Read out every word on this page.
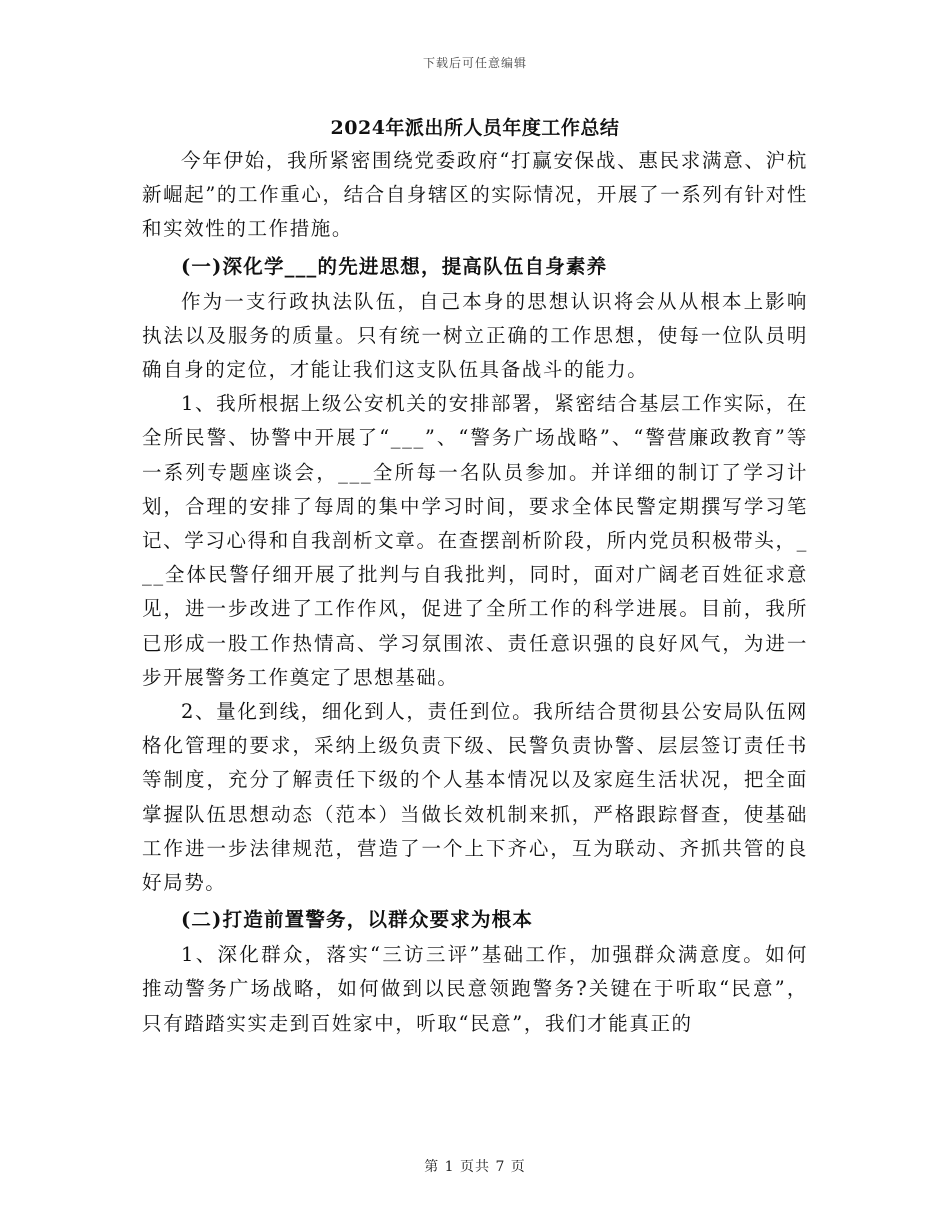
下载后可任意编辑
2024年派出所人员年度工作总结

今年伊始，我所紧密围绕党委政府“打赢安保战、惠民求满意、沪杭新崛起”的工作重心，结合自身辖区的实际情况，开展了一系列有针对性和实效性的工作措施。

(一)深化学___的先进思想，提高队伍自身素养

作为一支行政执法队伍，自己本身的思想认识将会从从根本上影响执法以及服务的质量。只有统一树立正确的工作思想，使每一位队员明确自身的定位，才能让我们这支队伍具备战斗的能力。

1、我所根据上级公安机关的安排部署，紧密结合基层工作实际，在全所民警、协警中开展了“___”、“警务广场战略”、“警营廉政教育”等一系列专题座谈会，___全所每一名队员参加。并详细的制订了学习计划，合理的安排了每周的集中学习时间，要求全体民警定期撰写学习笔记、学习心得和自我剖析文章。在查摆剖析阶段，所内党员积极带头，___全体民警仔细开展了批判与自我批判，同时，面对广阔老百姓征求意见，进一步改进了工作作风，促进了全所工作的科学进展。目前，我所已形成一股工作热情高、学习氛围浓、责任意识强的良好风气，为进一步开展警务工作奠定了思想基础。

2、量化到线，细化到人，责任到位。我所结合贯彻县公安局队伍网格化管理的要求，采纳上级负责下级、民警负责协警、层层签订责任书等制度，充分了解责任下级的个人基本情况以及家庭生活状况，把全面掌握队伍思想动态（范本）当做长效机制来抓，严格跟踪督查，使基础工作进一步法律规范，营造了一个上下齐心，互为联动、齐抓共管的良好局势。

(二)打造前置警务，以群众要求为根本

1、深化群众，落实“三访三评”基础工作，加强群众满意度。如何推动警务广场战略，如何做到以民意领跑警务?关键在于听取“民意”，只有踏踏实实走到百姓家中，听取“民意”，我们才能真正的

第 1 页共 7 页
